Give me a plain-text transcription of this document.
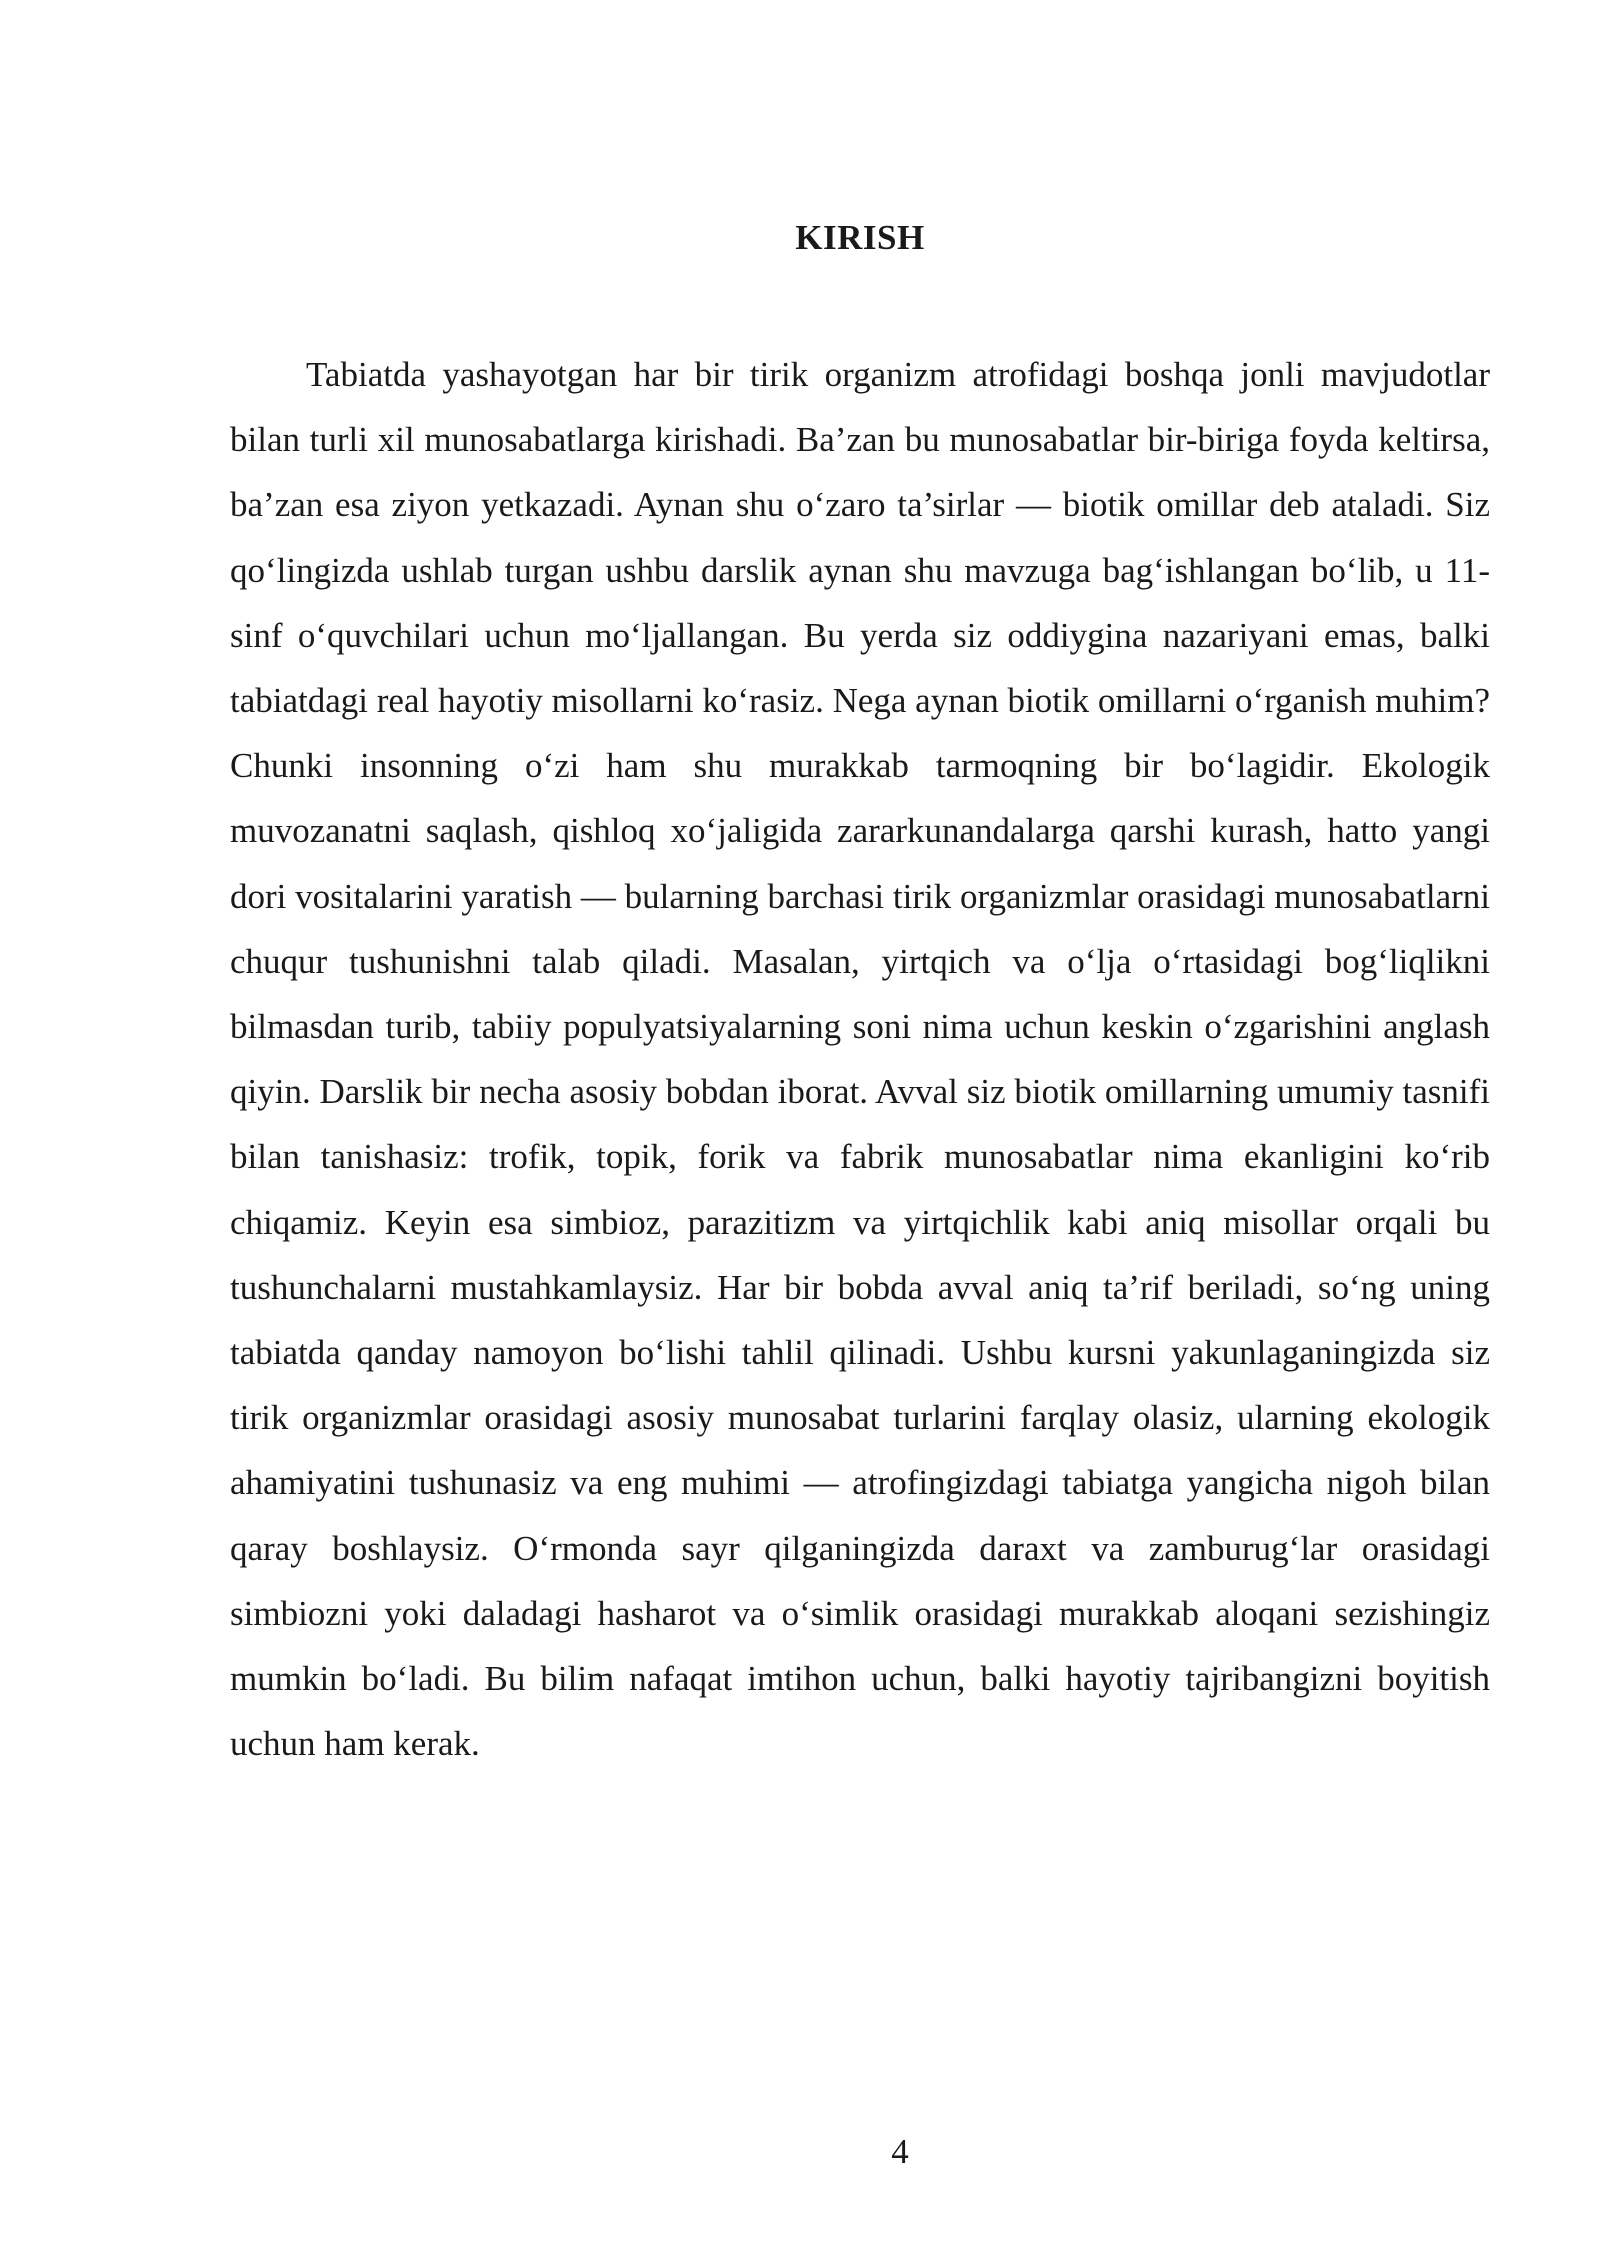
KIRISH

Tabiatda yashayotgan har bir tirik organizm atrofidagi boshqa jonli mavjudotlar bilan turli xil munosabatlarga kirishadi. Ba’zan bu munosabatlar bir-biriga foyda keltirsa, ba’zan esa ziyon yetkazadi. Aynan shu o‘zaro ta’sirlar — biotik omillar deb ataladi. Siz qo‘lingizda ushlab turgan ushbu darslik aynan shu mavzuga bag‘ishlangan bo‘lib, u 11-sinf o‘quvchilari uchun mo‘ljallangan. Bu yerda siz oddiygina nazariyani emas, balki tabiatdagi real hayotiy misollarni ko‘rasiz. Nega aynan biotik omillarni o‘rganish muhim? Chunki insonning o‘zi ham shu murakkab tarmoqning bir bo‘lagidir. Ekologik muvozanatni saqlash, qishloq xo‘jaligida zararkunandalarga qarshi kurash, hatto yangi dori vositalarini yaratish — bularning barchasi tirik organizmlar orasidagi munosabatlarni chuqur tushunishni talab qiladi. Masalan, yirtqich va o‘lja o‘rtasidagi bog‘liqlikni bilmasdan turib, tabiiy populyatsiyalarning soni nima uchun keskin o‘zgarishini anglash qiyin. Darslik bir necha asosiy bobdan iborat. Avval siz biotik omillarning umumiy tasnifi bilan tanishasiz: trofik, topik, forik va fabrik munosabatlar nima ekanligini ko‘rib chiqamiz. Keyin esa simbioz, parazitizm va yirtqichlik kabi aniq misollar orqali bu tushunchalarni mustahkamlaysiz. Har bir bobda avval aniq ta’rif beriladi, so‘ng uning tabiatda qanday namoyon bo‘lishi tahlil qilinadi. Ushbu kursni yakunlaganingizda siz tirik organizmlar orasidagi asosiy munosabat turlarini farqlay olasiz, ularning ekologik ahamiyatini tushunasiz va eng muhimi — atrofingizdagi tabiatga yangicha nigoh bilan qaray boshlaysiz. O‘rmonda sayr qilganingizda daraxt va zamburug‘lar orasidagi simbiozni yoki daladagi hasharot va o‘simlik orasidagi murakkab aloqani sezishingiz mumkin bo‘ladi. Bu bilim nafaqat imtihon uchun, balki hayotiy tajribangizni boyitish uchun ham kerak.

4
